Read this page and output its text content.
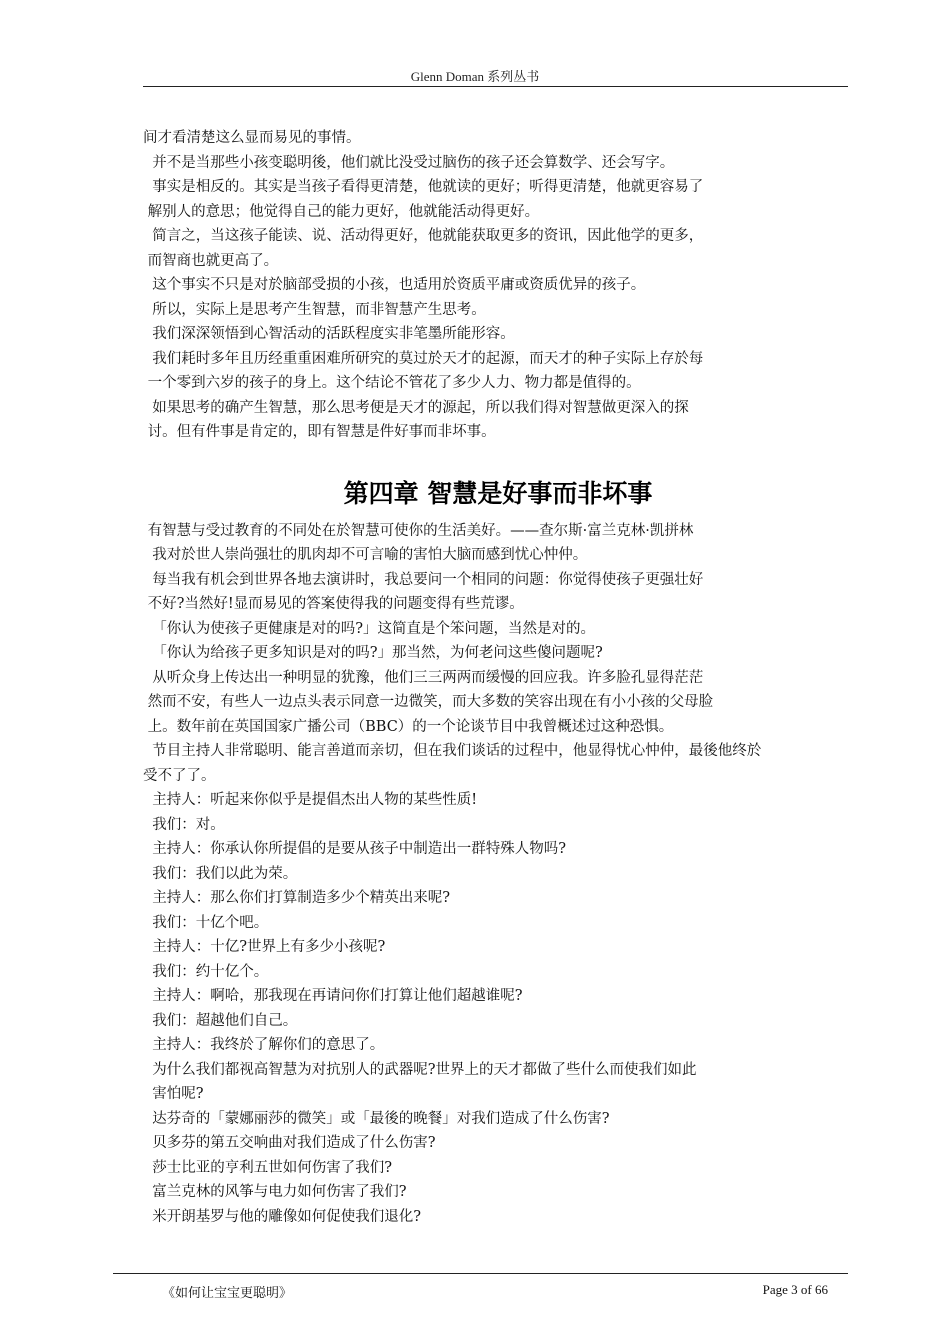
Glenn Doman 系列丛书
间才看清楚这么显而易见的事情。
并不是当那些小孩变聪明後，他们就比没受过脑伤的孩子还会算数学、还会写字。
事实是相反的。其实是当孩子看得更清楚，他就读的更好；听得更清楚，他就更容易了
解别人的意思；他觉得自己的能力更好，他就能活动得更好。
简言之，当这孩子能读、说、活动得更好，他就能获取更多的资讯，因此他学的更多，
而智商也就更高了。
这个事实不只是对於脑部受损的小孩，也适用於资质平庸或资质优异的孩子。
所以，实际上是思考产生智慧，而非智慧产生思考。
我们深深领悟到心智活动的活跃程度实非笔墨所能形容。
我们耗时多年且历经重重困难所研究的莫过於天才的起源，而天才的种子实际上存於每
一个零到六岁的孩子的身上。这个结论不管花了多少人力、物力都是值得的。
如果思考的确产生智慧，那么思考便是天才的源起，所以我们得对智慧做更深入的探
讨。但有件事是肯定的，即有智慧是件好事而非坏事。
第四章 智慧是好事而非坏事
有智慧与受过教育的不同处在於智慧可使你的生活美好。——查尔斯·富兰克林·凯拼林
我对於世人崇尚强壮的肌肉却不可言喻的害怕大脑而感到忧心忡仲。
每当我有机会到世界各地去演讲时，我总要问一个相同的问题：你觉得使孩子更强壮好
不好?当然好!显而易见的答案使得我的问题变得有些荒谬。
「你认为使孩子更健康是对的吗?」这简直是个笨问题，当然是对的。
「你认为给孩子更多知识是对的吗?」那当然，为何老问这些傻问题呢?
从听众身上传达出一种明显的犹豫，他们三三两两而缓慢的回应我。许多脸孔显得茫茫
然而不安，有些人一边点头表示同意一边微笑，而大多数的笑容出现在有小小孩的父母脸
上。数年前在英国国家广播公司（BBC）的一个论谈节目中我曾概述过这种恐惧。
节目主持人非常聪明、能言善道而亲切，但在我们谈话的过程中，他显得忧心忡仲，最後他终於
受不了了。
主持人：听起来你似乎是提倡杰出人物的某些性质!
我们：对。
主持人：你承认你所提倡的是要从孩子中制造出一群特殊人物吗?
我们：我们以此为荣。
主持人：那么你们打算制造多少个精英出来呢?
我们：十亿个吧。
主持人：十亿?世界上有多少小孩呢?
我们：约十亿个。
主持人：啊哈，那我现在再请问你们打算让他们超越谁呢?
我们：超越他们自己。
主持人：我终於了解你们的意思了。
为什么我们都视高智慧为对抗别人的武器呢?世界上的天才都做了些什么而使我们如此
害怕呢?
达芬奇的「蒙娜丽莎的微笑」或「最後的晚餐」对我们造成了什么伤害?
贝多芬的第五交响曲对我们造成了什么伤害?
莎士比亚的亨利五世如何伤害了我们?
富兰克林的风筝与电力如何伤害了我们?
米开朗基罗与他的雕像如何促使我们退化?
《如何让宝宝更聪明》	Page 3 of 66
